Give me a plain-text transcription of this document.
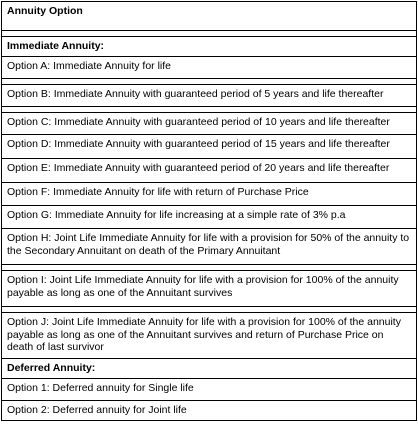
Annuity Option

Immediate Annuity:
Option A: Immediate Annuity for life

Option B: Immediate Annuity with guaranteed period of 5 years and life thereafter

Option C: Immediate Annuity with guaranteed period of 10 years and life thereafter
Option D: Immediate Annuity with guaranteed period of 15 years and life thereafter
Option E: Immediate Annuity with guaranteed period of 20 years and life thereafter
Option F: Immediate Annuity for life with return of Purchase Price
Option G: Immediate Annuity for life increasing at a simple rate of 3% p.a
Option H: Joint Life Immediate Annuity for life with a provision for 50% of the annuity to the Secondary Annuitant on death of the Primary Annuitant

Option I: Joint Life Immediate Annuity for life with a provision for 100% of the annuity payable as long as one of the Annuitant survives

Option J: Joint Life Immediate Annuity for life with a provision for 100% of the annuity payable as long as one of the Annuitant survives and return of Purchase Price on death of last survivor
Deferred Annuity:
Option 1: Deferred annuity for Single life
Option 2: Deferred annuity for Joint life
